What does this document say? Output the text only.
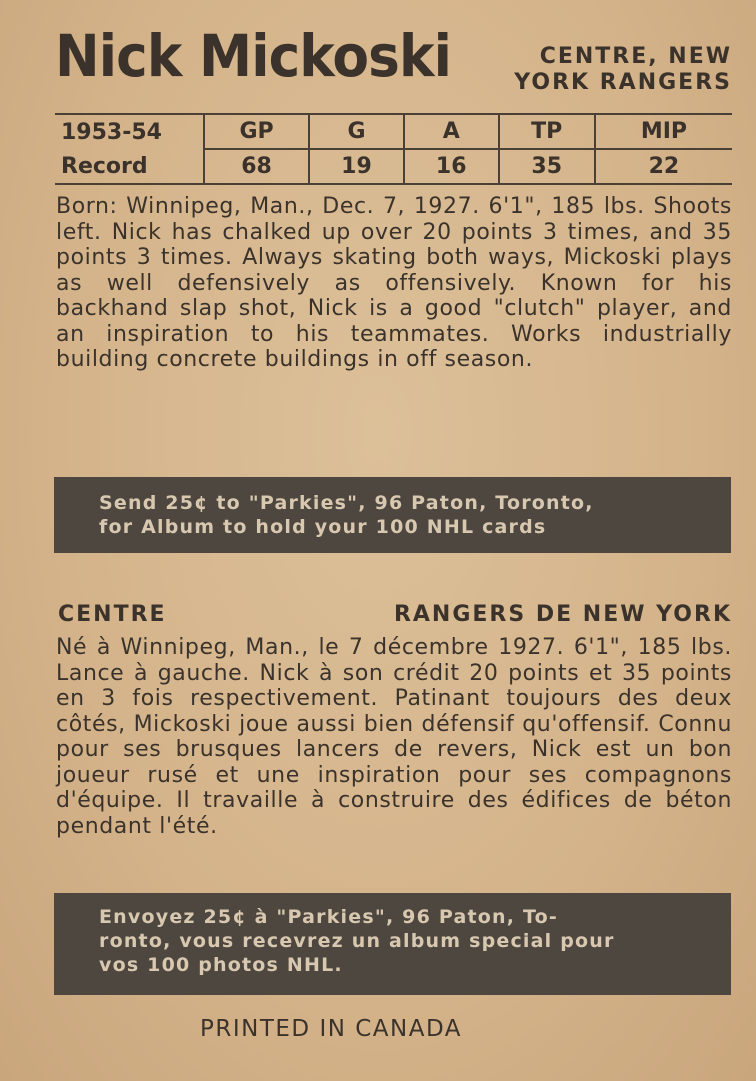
Nick Mickoski	CENTRE, NEW
YORK RANGERS
1953-54	GP	G	A	TP	MIP
Record	68	19	16	35	22
Born: Winnipeg, Man., Dec. 7, 1927. 6'1", 185 lbs. Shoots left. Nick has chalked up over 20 points 3 times, and 35 points 3 times. Always skating both ways, Mickoski plays as well defensively as offensively. Known for his backhand slap shot, Nick is a good "clutch" player, and an inspiration to his teammates. Works industrially building concrete buildings in off season.
Send 25¢ to "Parkies", 96 Paton, Toronto,
for Album to hold your 100 NHL cards
CENTRE	RANGERS DE NEW YORK
Né à Winnipeg, Man., le 7 décembre 1927. 6'1", 185 lbs. Lance à gauche. Nick à son crédit 20 points et 35 points en 3 fois respectivement. Patinant toujours des deux côtés, Mickoski joue aussi bien défensif qu'offensif. Connu pour ses brusques lancers de revers, Nick est un bon joueur rusé et une inspiration pour ses compagnons d'équipe. Il travaille à construire des édifices de béton pendant l'été.
Envoyez 25¢ à "Parkies", 96 Paton, To-
ronto, vous recevrez un album special pour
vos 100 photos NHL.
PRINTED IN CANADA
